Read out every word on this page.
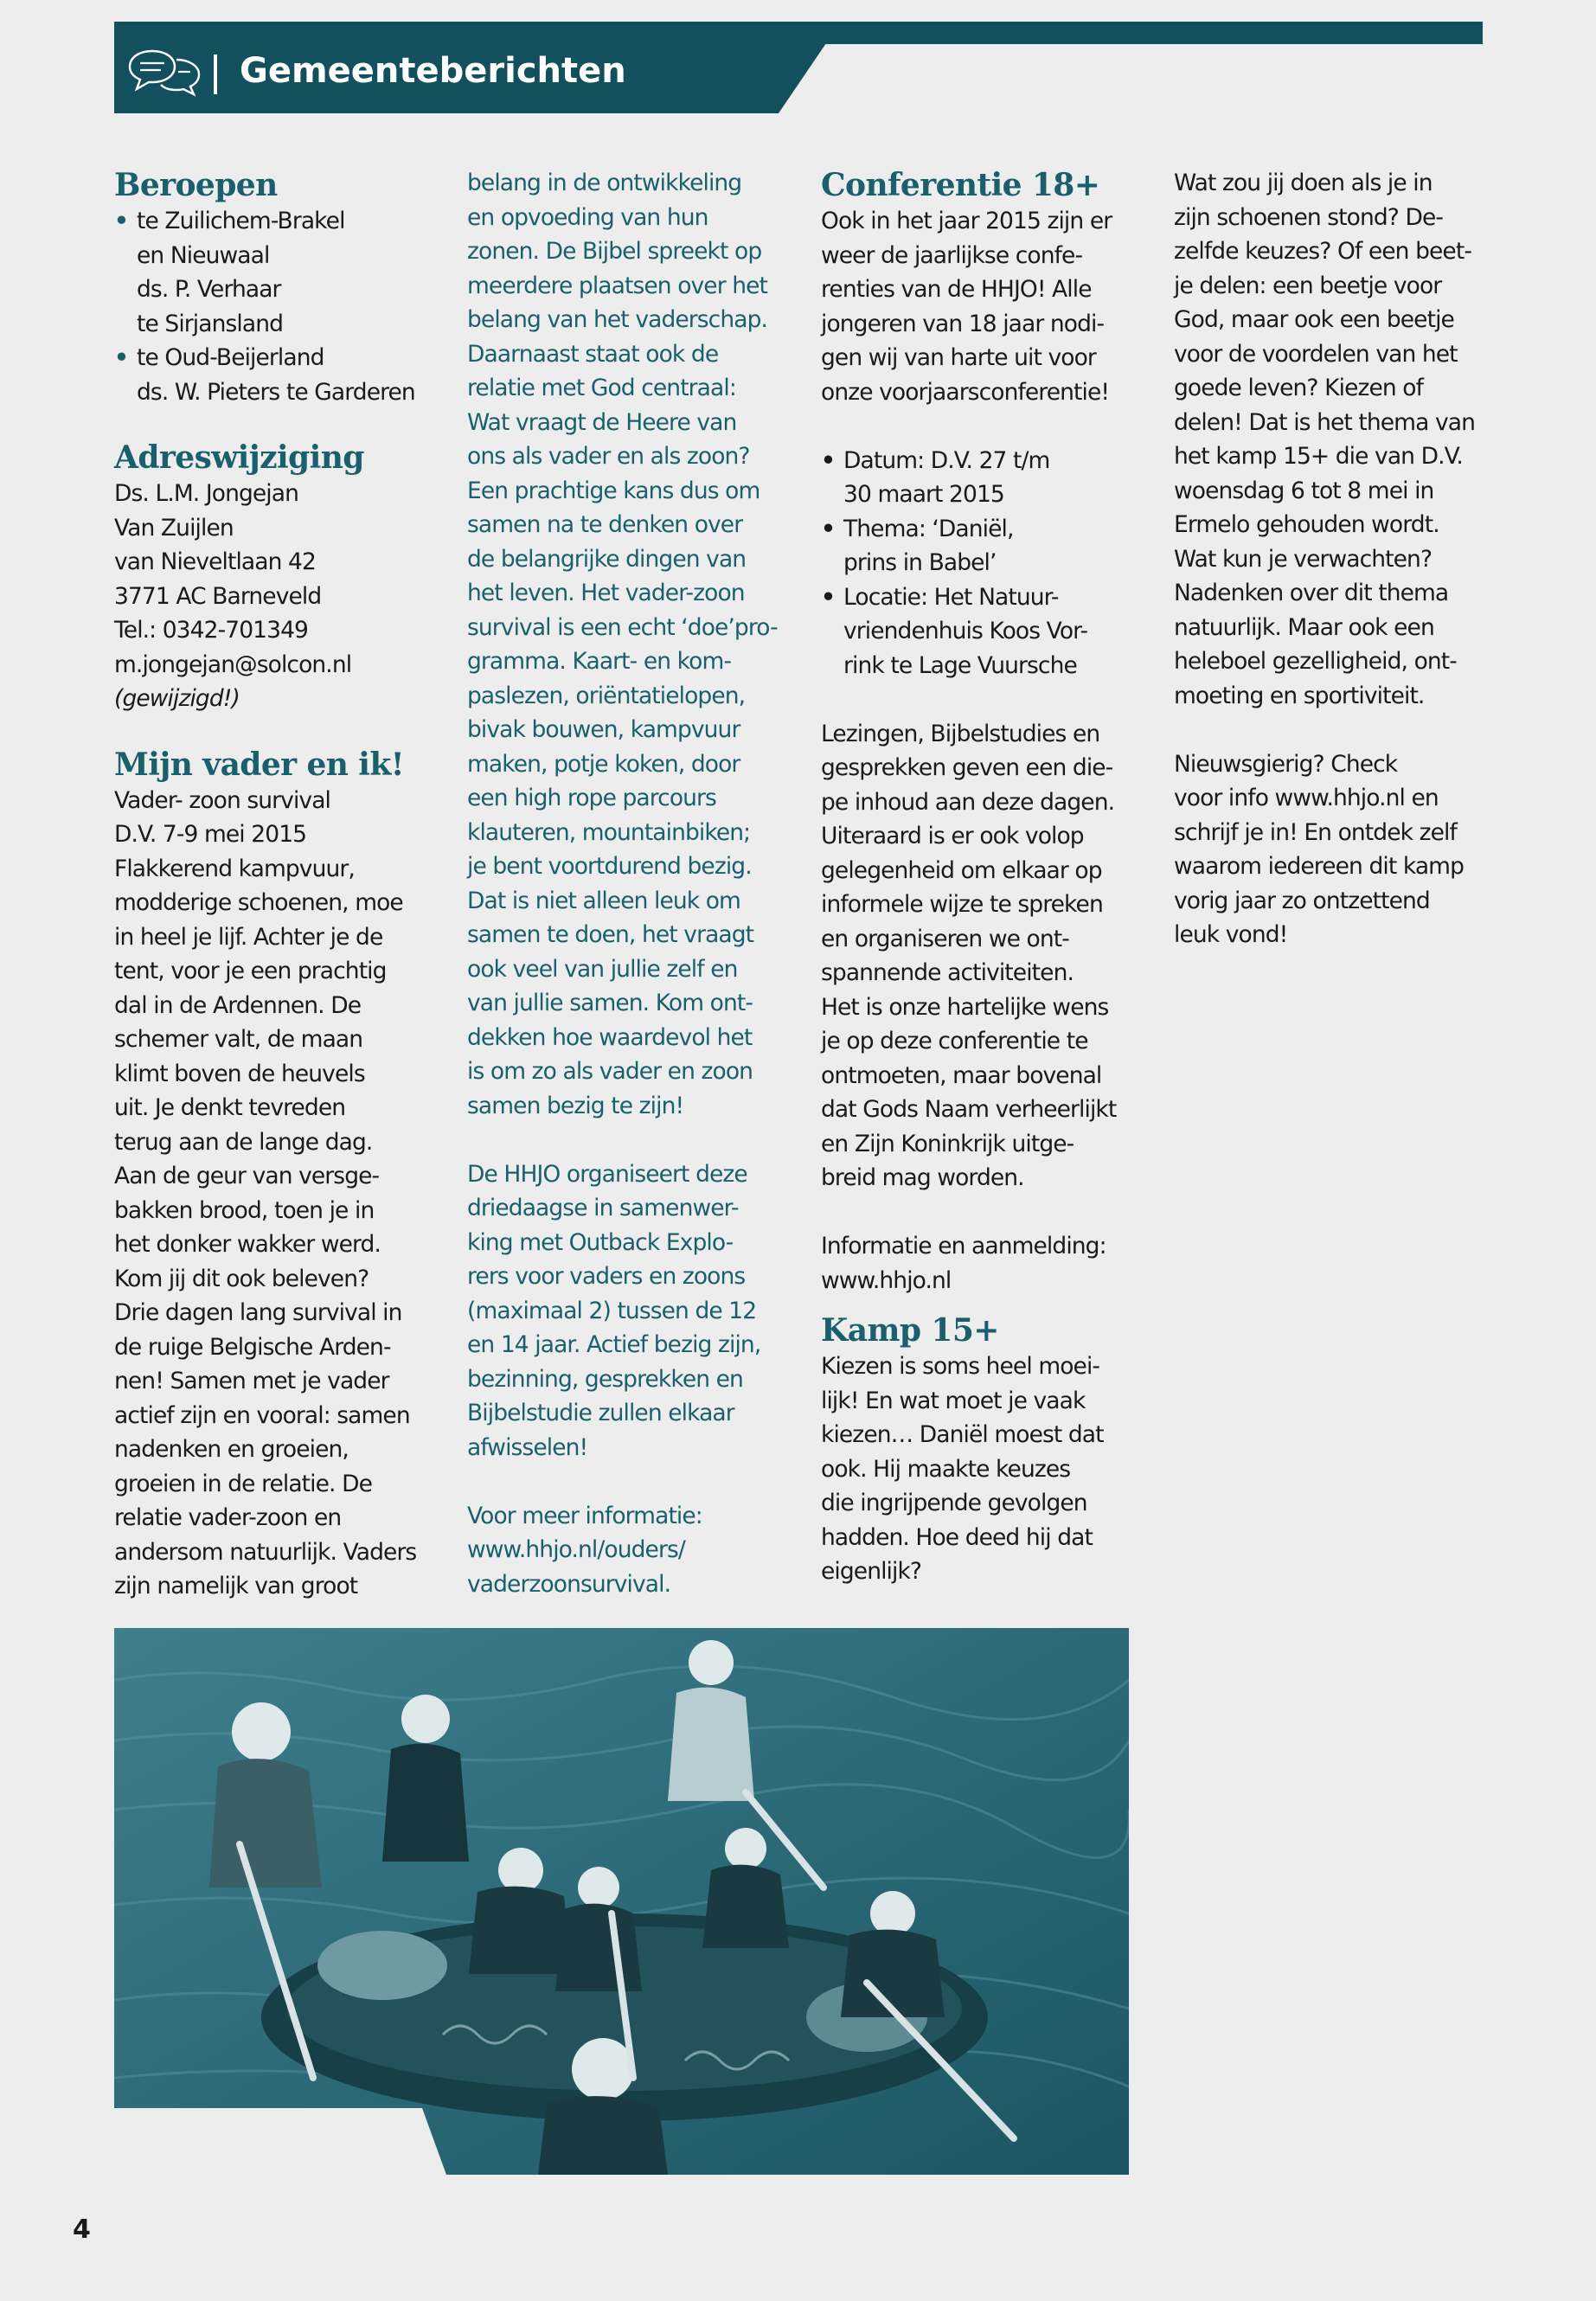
Gemeenteberichten
Beroepen
• te Zuilichem-Brakel
en Nieuwaal
ds. P. Verhaar
te Sirjansland
• te Oud-Beijerland
ds. W. Pieters te Garderen
Adreswijziging

Ds. L.M. Jongejan

Van Zuijlen

van Nieveltlaan 42

3771 AC Barneveld

Tel.: 0342-701349

m.jongejan@solcon.nl

(gewijzigd!)

Mijn vader en ik!

Vader- zoon survival

D.V. 7-9 mei 2015

Flakkerend kampvuur,

modderige schoenen, moe

in heel je lijf. Achter je de

tent, voor je een prachtig

dal in de Ardennen. De

schemer valt, de maan

klimt boven de heuvels

uit. Je denkt tevreden

terug aan de lange dag.

Aan de geur van versge-

bakken brood, toen je in

het donker wakker werd.

Kom jij dit ook beleven?

Drie dagen lang survival in

de ruige Belgische Arden-

nen! Samen met je vader

actief zijn en vooral: samen

nadenken en groeien,

groeien in de relatie. De

relatie vader-zoon en

andersom natuurlijk. Vaders

zijn namelijk van groot

belang in de ontwikkeling

en opvoeding van hun

zonen. De Bijbel spreekt op

meerdere plaatsen over het

belang van het vaderschap.

Daarnaast staat ook de

relatie met God centraal:

Wat vraagt de Heere van

ons als vader en als zoon?

Een prachtige kans dus om

samen na te denken over

de belangrijke dingen van

het leven. Het vader-zoon

survival is een echt ‘doe’pro-

gramma. Kaart- en kom-

paslezen, oriëntatielopen,

bivak bouwen, kampvuur

maken, potje koken, door

een high rope parcours

klauteren, mountainbiken;

je bent voortdurend bezig.

Dat is niet alleen leuk om

samen te doen, het vraagt

ook veel van jullie zelf en

van jullie samen. Kom ont-

dekken hoe waardevol het

is om zo als vader en zoon

samen bezig te zijn!

De HHJO organiseert deze

driedaagse in samenwer-

king met Outback Explo-

rers voor vaders en zoons

(maximaal 2) tussen de 12

en 14 jaar. Actief bezig zijn,

bezinning, gesprekken en

Bijbelstudie zullen elkaar

afwisselen!

Voor meer informatie:

www.hhjo.nl/ouders/

vaderzoonsurvival.

Conferentie 18+

Ook in het jaar 2015 zijn er

weer de jaarlijkse confe-

renties van de HHJO! Alle

jongeren van 18 jaar nodi-

gen wij van harte uit voor

onze voorjaarsconferentie!

• Datum: D.V. 27 t/m
30 maart 2015
• Thema: ‘Daniël,
prins in Babel’
• Locatie: Het Natuur-
vriendenhuis Koos Vor-
rink te Lage Vuursche

Lezingen, Bijbelstudies en

gesprekken geven een die-

pe inhoud aan deze dagen.

Uiteraard is er ook volop

gelegenheid om elkaar op

informele wijze te spreken

en organiseren we ont-

spannende activiteiten.

Het is onze hartelijke wens

je op deze conferentie te

ontmoeten, maar bovenal

dat Gods Naam verheerlijkt

en Zijn Koninkrijk uitge-

breid mag worden.

Informatie en aanmelding:

www.hhjo.nl

Kamp 15+

Kiezen is soms heel moei-

lijk! En wat moet je vaak

kiezen… Daniël moest dat

ook. Hij maakte keuzes

die ingrijpende gevolgen

hadden. Hoe deed hij dat

eigenlijk?

Wat zou jij doen als je in

zijn schoenen stond? De-

zelfde keuzes? Of een beet-

je delen: een beetje voor

God, maar ook een beetje

voor de voordelen van het

goede leven? Kiezen of

delen! Dat is het thema van

het kamp 15+ die van D.V.

woensdag 6 tot 8 mei in

Ermelo gehouden wordt.

Wat kun je verwachten?

Nadenken over dit thema

natuurlijk. Maar ook een

heleboel gezelligheid, ont-

moeting en sportiviteit.

Nieuwsgierig? Check

voor info www.hhjo.nl en

schrijf je in! En ontdek zelf

waarom iedereen dit kamp

vorig jaar zo ontzettend

leuk vond!

4
